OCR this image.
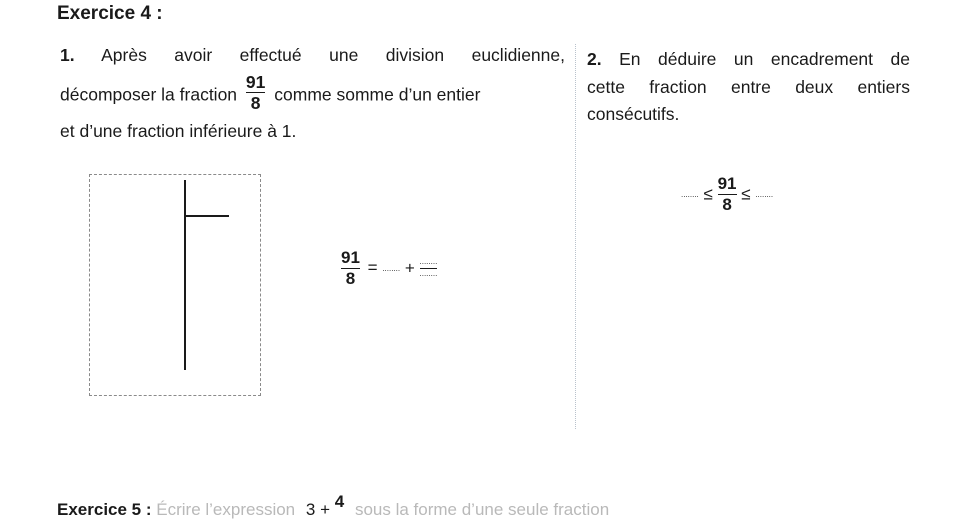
Exercice 4 :
1. Après avoir effectué une division euclidienne,
décomposer la fraction $\frac{91}{8}$ comme somme d’un entier
et d’une fraction inférieure à 1.
2. En déduire un encadrement de
cette fraction entre deux entiers
consécutifs.
$\frac{91}{8}$ = ........ + $\frac{........}{........}$
........ ≤ $\frac{91}{8}$ ≤ ........
Exercice 5 : Écrire l’expression 3 + 4 sous la forme d’une seule fraction
